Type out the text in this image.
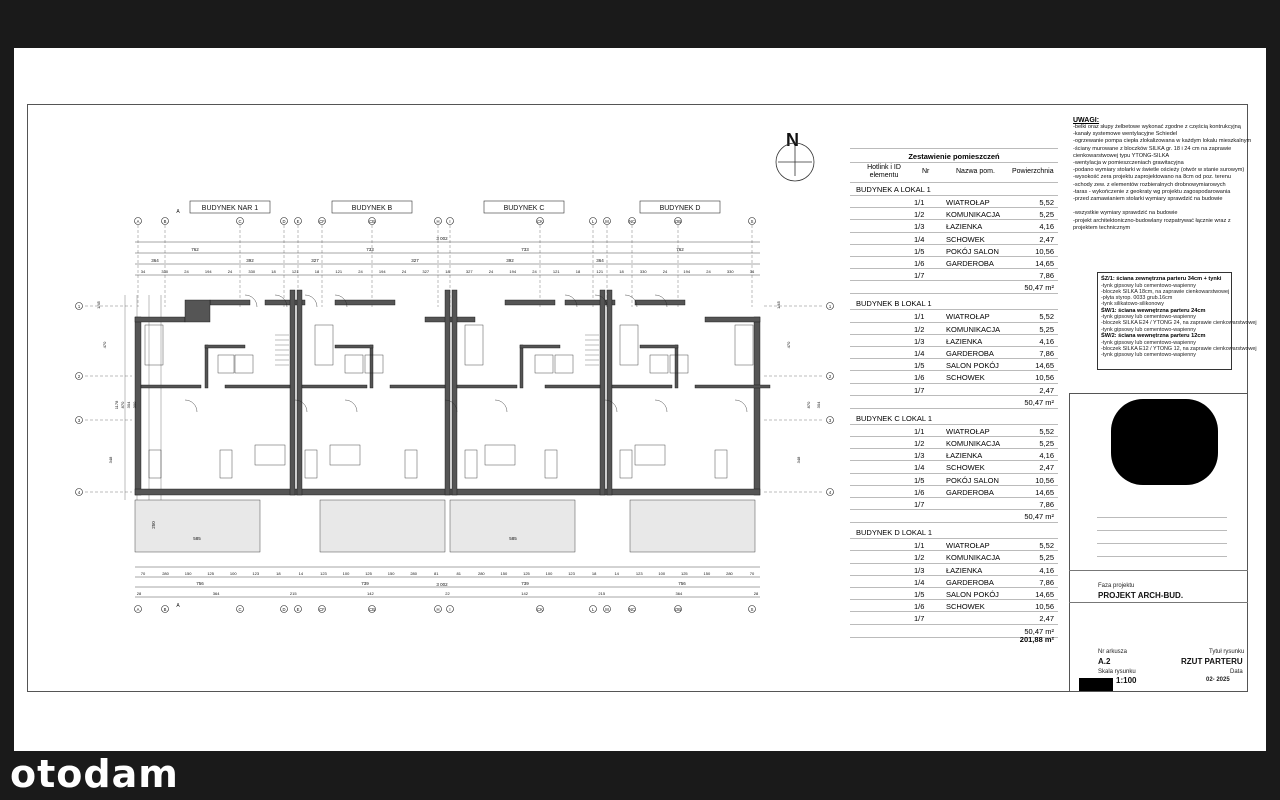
N
BUDYNEK NAR 1	BUDYNEK B	BUDYNEK C	BUDYNEK D
A
A
B
B
C
C
D
D
E
E
CF
CF
CB
CB
H
H
I
I
CK
CK
L
L
M
M
NC
NC
OB
OB
S
S
3 002
762	733	733	762
364	392	327	327	392	364
34	330	24	194	24	330	18	121	18	121	24	194	24	327	18	327	24	194	24	121	18	121	18	330	24	194	24	330	34
70	280	150	125	100	123	18	14	123	100	125	150	280	81	81	280	150	125	100	123	18	14	123	100	125	150	280	70
756	739	739	756
3 002
28	364	215	142	22	142	215	364	28
1	1
2	2
3	3
4	4
1/45
470
348
1178 870 304 300
1/45
470
348
870 304
585	585
250
A
A
Zestawienie pomieszczeń
Hotlink i ID elementu
Nr	Nazwa pom. Powierzchnia
BUDYNEK A LOKAL 1
1/1	WIATROŁAP	5,52
1/2	KOMUNIKACJA	5,25
1/3	ŁAZIENKA	4,16
1/4	SCHOWEK	2,47
1/5	POKÓJ SALON	10,56
1/6	GARDEROBA	14,65
1/7	7,86
50,47 m²
BUDYNEK B LOKAL 1
1/1	WIATROŁAP	5,52
1/2	KOMUNIKACJA	5,25
1/3	ŁAZIENKA	4,16
1/4	GARDEROBA	7,86
1/5	SALON POKÓJ	14,65
1/6	SCHOWEK	10,56
1/7	2,47
50,47 m²
BUDYNEK C LOKAL 1
1/1	WIATROŁAP	5,52
1/2	KOMUNIKACJA	5,25
1/3	ŁAZIENKA	4,16
1/4	SCHOWEK	2,47
1/5	POKÓJ SALON	10,56
1/6	GARDEROBA	14,65
1/7	7,86
50,47 m²
BUDYNEK D LOKAL 1
1/1	WIATROŁAP	5,52
1/2	KOMUNIKACJA	5,25
1/3	ŁAZIENKA	4,16
1/4	GARDEROBA	7,86
1/5	SALON POKÓJ	14,65
1/6	SCHOWEK	10,56
1/7	2,47
50,47 m²
201,88 m²
UWAGI:
-belki oraz słupy żelbetowe wykonać zgodne z częścią kontrukcyjną
-kanały systemowe wentylacyjne Schiedel
-ogrzewanie pompa ciepła zlokalizowana w każdym lokalu mieszkalnym
-ściany murowane z bloczków SILKA gr. 18 i 24 cm na zaprawie
cienkowarstwowej typu YTONG-SILKA
-wentylacja w pomieszczeniach grawitacyjna
-podano wymiary stolarki w świetle ościeży (otwór w stanie surowym)
-wysokość zera projektu zaprojektowano na 8cm od poz. terenu
-schody zew. z elementów rozbieralnych drobnowymiarowych
-taras - wykończenie z geokraty wg projektu zagospodarowania
-przed zamawianiem stolarki wymiary sprawdzić na budowie

-wszystkie wymiary sprawdzić na budowie
-projekt architektoniczno-budowlany rozpatrywać łącznie wraz z
projektem technicznym
ŚZ/1: ściana zewnętrzna parteru 34cm + tynki
-tynk gipsowy lub cementowo-wapienny
-bloczek SILKA 18cm, na zaprawie cienkowarstwowej
-płyta styrop. 0033 grub.16cm
-tynk silikatowo-silikonowy
ŚW/1: ściana wewnętrzna parteru 24cm
-tynk gipsowy lub cementowo-wapienny
-bloczek SILKA E24 / YTONG 24, na zaprawie cienkowarstwowej
-tynk gipsowy lub cementowo-wapienny
ŚW/2: ściana wewnętrzna parteru 12cm
-tynk gipsowy lub cementowo-wapienny
-bloczek SILKA E12 / YTONG 12, na zaprawie cienkowarstwowej
-tynk gipsowy lub cementowo-wapienny
Faza projektu
PROJEKT ARCH-BUD.
Nr arkusza
A.2
Tytuł rysunku
RZUT PARTERU
Skala rysunku
1:100
Data
02- 2025
otodam
